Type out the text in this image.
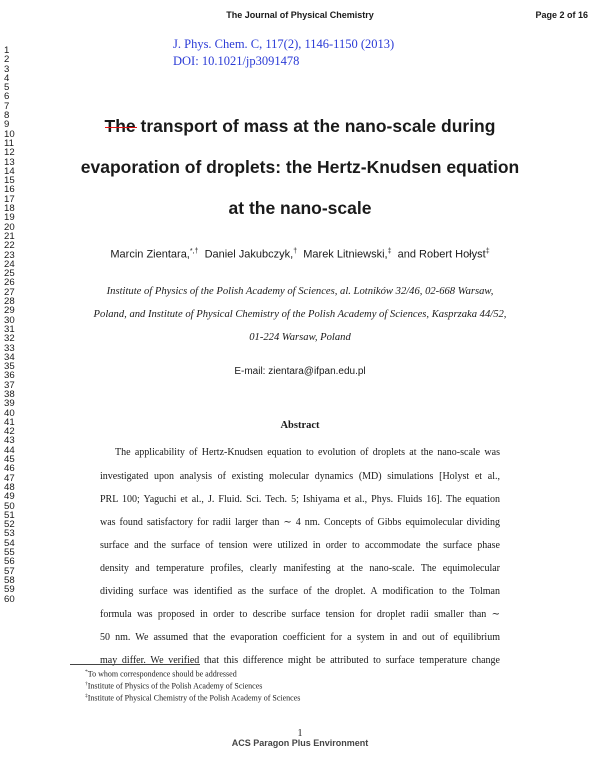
The Journal of Physical Chemistry	Page 2 of 16
J. Phys. Chem. C, 117(2), 1146-1150 (2013)
DOI: 10.1021/jp3091478
1
2
3
4
5
6
7
8
9
10
11
12
13
14
15
16
17
18
19
20
21
22
23
24
25
26
27
28
29
30
31
32
33
34
35
36
37
38
39
40
41
42
43
44
45
46
47
48
49
50
51
52
53
54
55
56
57
58
59
60
The transport of mass at the nano-scale during
evaporation of droplets: the Hertz-Knudsen equation
at the nano-scale
Marcin Zientara,*,† Daniel Jakubczyk,† Marek Litniewski,‡ and Robert Hołyst‡
Institute of Physics of the Polish Academy of Sciences, al. Lotników 32/46, 02-668 Warsaw,
Poland, and Institute of Physical Chemistry of the Polish Academy of Sciences, Kasprzaka 44/52,
01-224 Warsaw, Poland
E-mail: zientara@ifpan.edu.pl
Abstract
The applicability of Hertz-Knudsen equation to evolution of droplets at the nano-scale was
investigated upon analysis of existing molecular dynamics (MD) simulations [Holyst et al.,
PRL 100; Yaguchi et al., J. Fluid. Sci. Tech. 5; Ishiyama et al., Phys. Fluids 16]. The equation
was found satisfactory for radii larger than ∼ 4 nm. Concepts of Gibbs equimolecular dividing
surface and the surface of tension were utilized in order to accommodate the surface phase
density and temperature profiles, clearly manifesting at the nano-scale. The equimolecular
dividing surface was identified as the surface of the droplet. A modification to the Tolman
formula was proposed in order to describe surface tension for droplet radii smaller than ∼
50 nm. We assumed that the evaporation coefficient for a system in and out of equilibrium
may differ. We verified that this difference might be attributed to surface temperature change
*To whom correspondence should be addressed
†Institute of Physics of the Polish Academy of Sciences
‡Institute of Physical Chemistry of the Polish Academy of Sciences
1
ACS Paragon Plus Environment
